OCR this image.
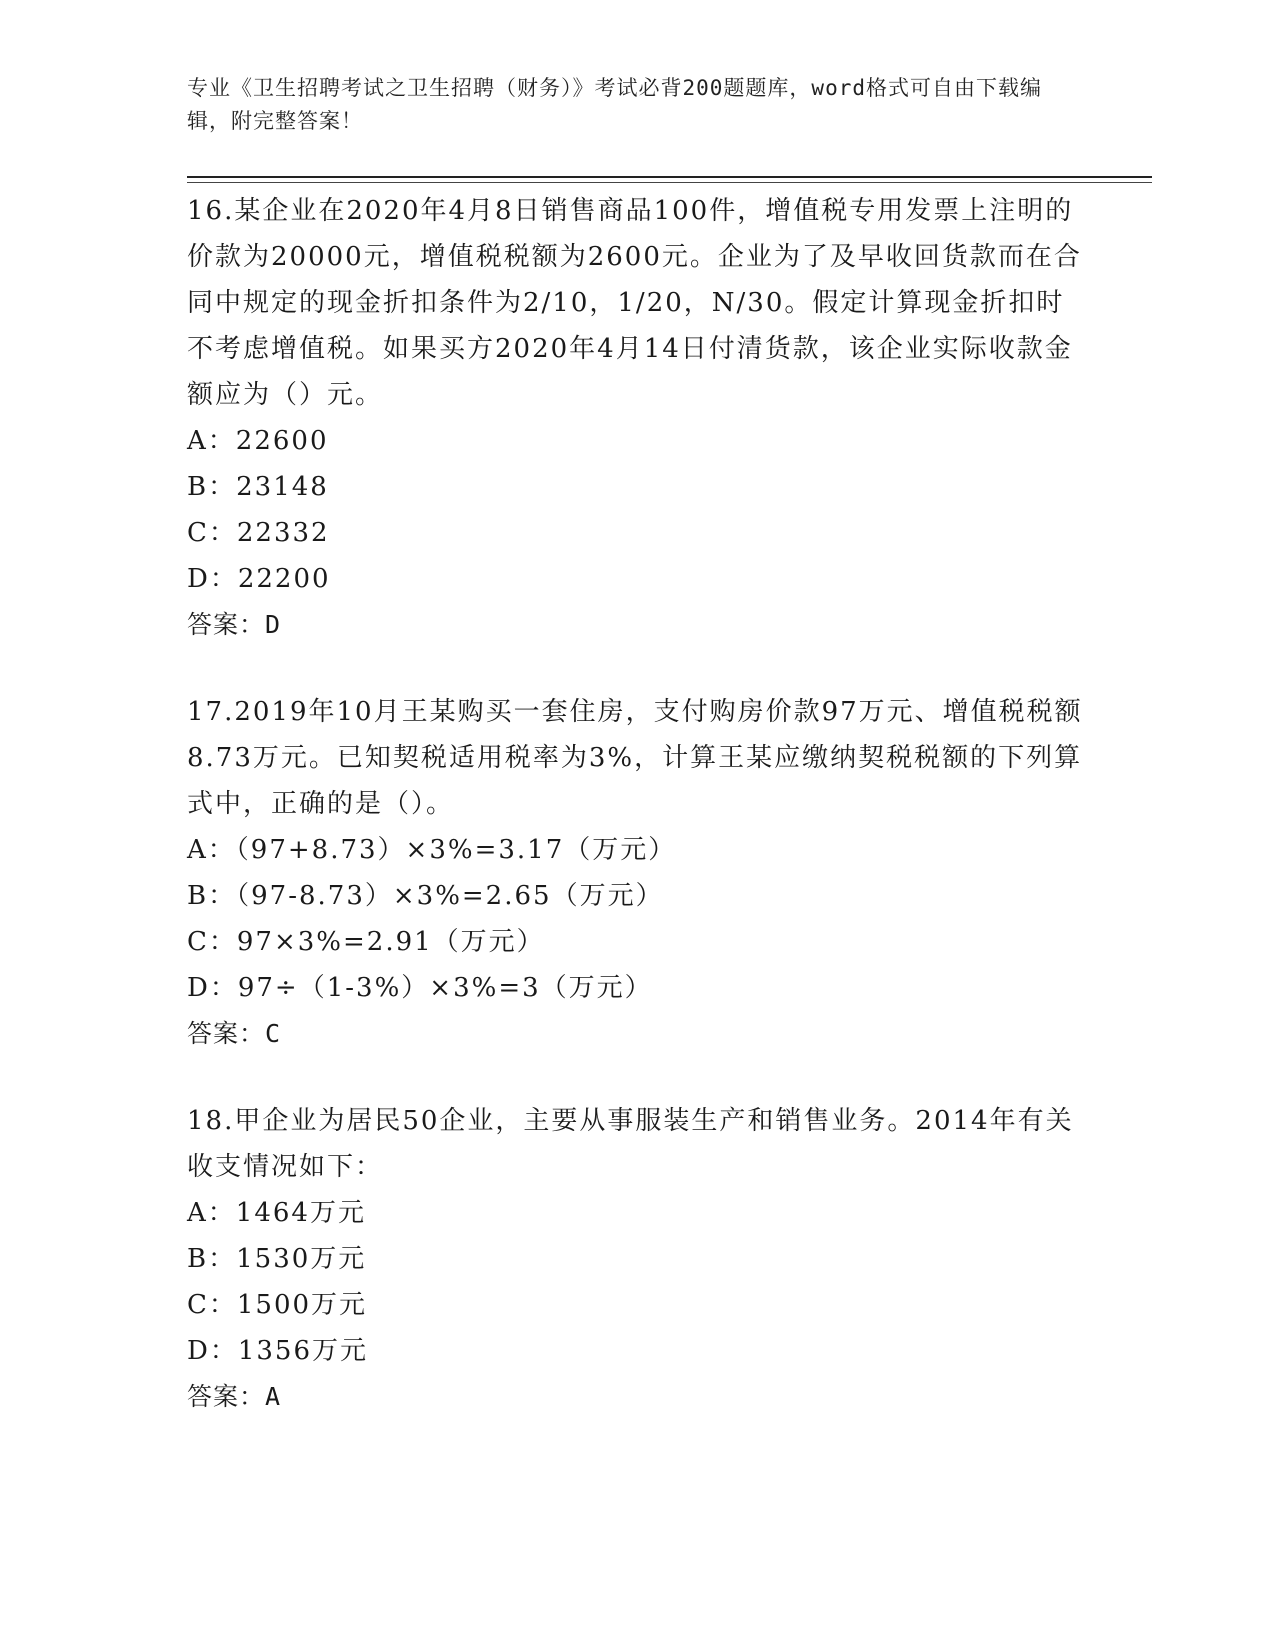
专业《卫生招聘考试之卫生招聘（财务）》考试必背200题题库，word格式可自由下载编辑，附完整答案！

16.某企业在2020年4月8日销售商品100件，增值税专用发票上注明的价款为20000元，增值税税额为2600元。企业为了及早收回货款而在合同中规定的现金折扣条件为2/10，1/20，N/30。假定计算现金折扣时不考虑增值税。如果买方2020年4月14日付清货款，该企业实际收款金额应为（）元。

A：22600

B：23148

C：22332

D：22200

答案：D

17.2019年10月王某购买一套住房，支付购房价款97万元、增值税税额8.73万元。已知契税适用税率为3%，计算王某应缴纳契税税额的下列算式中，正确的是（）。

A：（97+8.73）×3%=3.17（万元）

B：（97-8.73）×3%=2.65（万元）

C：97×3%=2.91（万元）

D：97÷（1-3%）×3%=3（万元）

答案：C

18.甲企业为居民50企业，主要从事服装生产和销售业务。2014年有关收支情况如下：

A：1464万元

B：1530万元

C：1500万元

D：1356万元

答案：A
